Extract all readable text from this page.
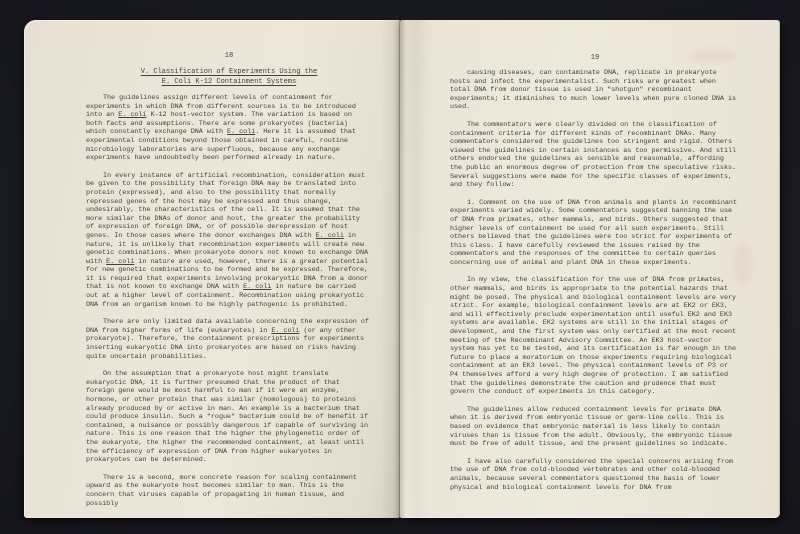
18
V. Classification of Experiments Using the
E. Coli K-12 Containment Systems

The guidelines assign different levels of containment for experiments in which DNA from different sources is to be introduced into an E. coli K-12 host-vector system. The variation is based on both facts and assumptions. There are some prokaryotes (bacteria) which constantly exchange DNA with E. coli. Here it is assumed that experimental conditions beyond those obtained in careful, routine microbiology laboratories are superfluous, because any exchange experiments have undoubtedly been performed already in nature.

In every instance of artificial recombination, consideration must be given to the possibility that foreign DNA may be translated into protein (expressed), and also to the possibility that normally repressed genes of the host may be expressed and thus change, undesirably, the characteristics of the cell. It is assumed that the more similar the DNAs of donor and host, the greater the probability of expression of foreign DNA, or of possible derepression of host genes. In those cases where the donor exchanges DNA with E. coli in nature, it is unlikely that recombination experiments will create new genetic combinations. When prokaryote donors not known to exchange DNA with E. coli in nature are used, however, there is a greater potential for new genetic combinations to be formed and be expressed. Therefore, it is required that experiments involving prokaryotic DNA from a donor that is not known to exchange DNA with E. coli in nature be carried out at a higher level of containment. Recombination using prokaryotic DNA from an organism known to be highly pathogenic is prohibited.

There are only limited data available concerning the expression of DNA from higher forms of life (eukaryotes) in E. coli (or any other prokaryote). Therefore, the containment prescriptions for experiments inserting eukaryotic DNA into prokaryotes are based on risks having quite uncertain probabilities.

On the assumption that a prokaryote host might translate eukaryotic DNA, it is further presumed that the product of that foreign gene would be most harmful to man if it were an enzyme, hormone, or other protein that was similar (homologous) to proteins already produced by or active in man. An example is a bacterium that could produce insulin. Such a "rogue" bacterium could be of benefit if contained, a nuisance or possibly dangerous if capable of surviving in nature. This is one reason that the higher the phylogenetic order of the eukaryote, the higher the recommended containment, at least until the efficiency of expression of DNA from higher eukaryotes in prokaryotes can be determined.

There is a second, more concrete reason for scaling containment upward as the eukaryote host becomes similar to man. This is the concern that viruses capable of propagating in human tissue, and possibly

19

causing diseases, can contaminate DNA, replicate in prokaryote hosts and infect the experimentalist. Such risks are greatest when total DNA from donor tissue is used in "shotgun" recombinant experiments; it diminishes to much lower levels when pure cloned DNA is used.

The commentators were clearly divided on the classification of containment criteria for different kinds of recombinant DNAs. Many commentators considered the guidelines too stringent and rigid. Others viewed the guidelines in certain instances as too permissive. And still others endorsed the guidelines as sensible and reasonable, affording the public an enormous degree of protection from the speculative risks. Several suggestions were made for the specific classes of experiments, and they follow:

1. Comment on the use of DNA from animals and plants in recombinant experiments varied widely. Some commentators suggested banning the use of DNA from primates, other mammals, and birds. Others suggested that higher levels of containment be used for all such experiments. Still others believed that the guidelines were too strict for experiments of this class. I have carefully reviewed the issues raised by the commentators and the responses of the committee to certain queries concerning use of animal and plant DNA in these experiments.

In my view, the classification for the use of DNA from primates, other mammals, and birds is appropriate to the potential hazards that might be posed. The physical and biological containment levels are very strict. For example, biological containment levels are at EK2 or EK3, and will effectively preclude experimentation until useful EK2 and EK3 systems are available. EK2 systems are still in the initial stages of development, and the first system was only certified at the most recent meeting of the Recombinant Advisory Committee. An EK3 host-vector system has yet to be tested, and its certification is far enough in the future to place a moratorium on those experiments requiring biological containment at an EK3 level. The physical containment levels of P3 or P4 themselves afford a very high degree of protection. I am satisfied that the guidelines demonstrate the caution and prudence that must govern the conduct of experiments in this category.

The guidelines allow reduced containment levels for primate DNA when it is derived from embryonic tissue or germ-line cells. This is based on evidence that embryonic material is less likely to contain viruses than is tissue from the adult. Obviously, the embryonic tissue must be free of adult tissue, and the present guidelines so indicate.

I have also carefully considered the special concerns arising from the use of DNA from cold-blooded vertebrates and other cold-blooded animals, because several commentators questioned the basis of lower physical and biological containment levels for DNA from
